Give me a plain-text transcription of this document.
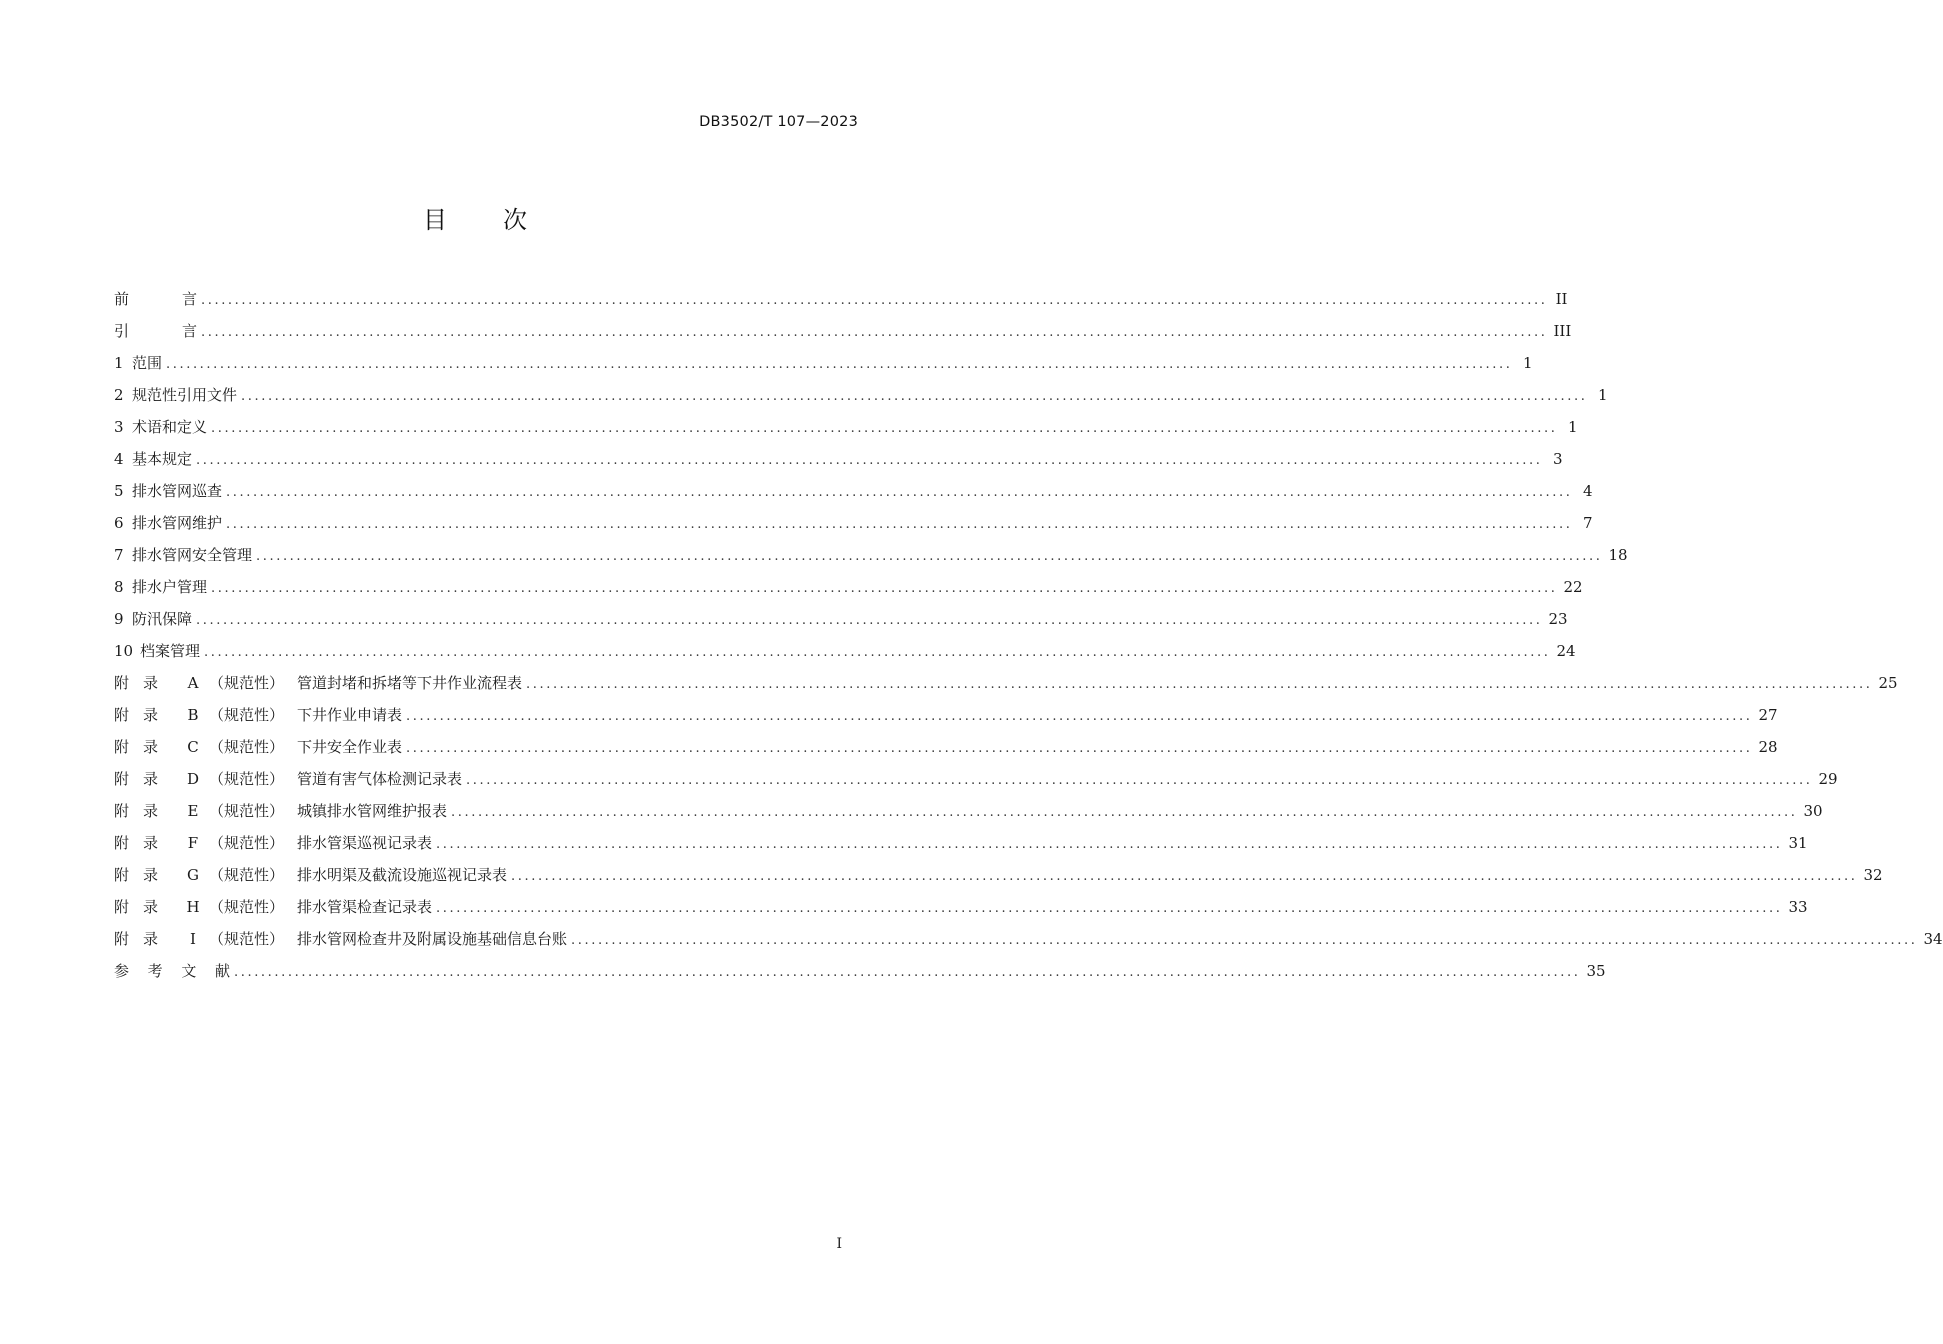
DB3502/T 107—2023
目 次
前	言 ........................................................................................................................................................................................................ II
引	言 ........................................................................................................................................................................................................ III
1 范围 ........................................................................................................................................................................................................ 1
2 规范性引用文件 ........................................................................................................................................................................................................ 1
3 术语和定义 ........................................................................................................................................................................................................ 1
4 基本规定 ........................................................................................................................................................................................................ 3
5 排水管网巡查 ........................................................................................................................................................................................................ 4
6 排水管网维护 ........................................................................................................................................................................................................ 7
7 排水管网安全管理 ........................................................................................................................................................................................................ 18
8 排水户管理 ........................................................................................................................................................................................................ 22
9 防汛保障 ........................................................................................................................................................................................................ 23
10 档案管理 ........................................................................................................................................................................................................ 24
附 录	A （规范性） 管道封堵和拆堵等下井作业流程表 ........................................................................................................................................................................................................ 25
附 录	B （规范性） 下井作业申请表 ........................................................................................................................................................................................................ 27
附 录	C （规范性） 下井安全作业表 ........................................................................................................................................................................................................ 28
附 录	D （规范性） 管道有害气体检测记录表 ........................................................................................................................................................................................................ 29
附 录	E （规范性） 城镇排水管网维护报表 ........................................................................................................................................................................................................ 30
附 录	F （规范性） 排水管渠巡视记录表 ........................................................................................................................................................................................................ 31
附 录	G （规范性） 排水明渠及截流设施巡视记录表 ........................................................................................................................................................................................................ 32
附 录	H （规范性） 排水管渠检查记录表 ........................................................................................................................................................................................................ 33
附 录	I （规范性） 排水管网检查井及附属设施基础信息台账 ........................................................................................................................................................................................................ 34
参 考 文 献 ........................................................................................................................................................................................................ 35
I
